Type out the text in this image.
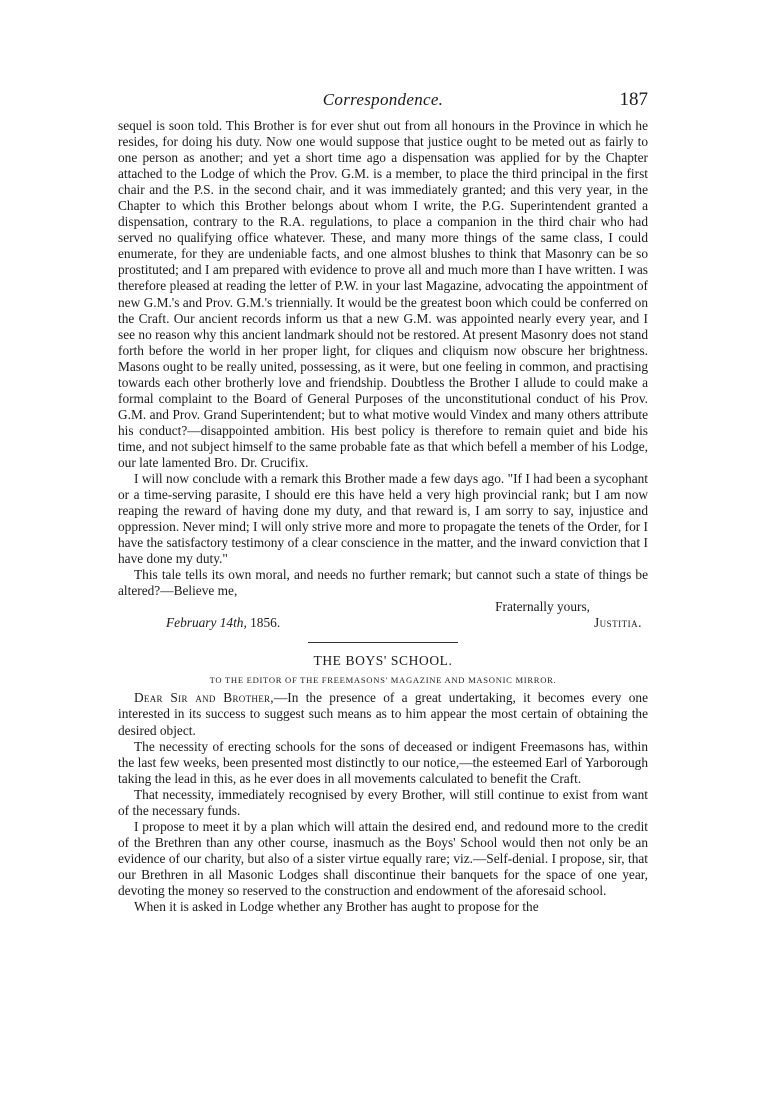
Correspondence.	187

sequel is soon told. This Brother is for ever shut out from all honours in the Province in which he resides, for doing his duty. Now one would suppose that justice ought to be meted out as fairly to one person as another; and yet a short time ago a dispensation was applied for by the Chapter attached to the Lodge of which the Prov. G.M. is a member, to place the third principal in the first chair and the P.S. in the second chair, and it was immediately granted; and this very year, in the Chapter to which this Brother belongs about whom I write, the P.G. Superintendent granted a dispensation, contrary to the R.A. regulations, to place a companion in the third chair who had served no qualifying office whatever. These, and many more things of the same class, I could enumerate, for they are undeniable facts, and one almost blushes to think that Masonry can be so prostituted; and I am prepared with evidence to prove all and much more than I have written. I was therefore pleased at reading the letter of P.W. in your last Magazine, advocating the appointment of new G.M.'s and Prov. G.M.'s triennially. It would be the greatest boon which could be conferred on the Craft. Our ancient records inform us that a new G.M. was appointed nearly every year, and I see no reason why this ancient landmark should not be restored. At present Masonry does not stand forth before the world in her proper light, for cliques and cliquism now obscure her brightness. Masons ought to be really united, possessing, as it were, but one feeling in common, and practising towards each other brotherly love and friendship. Doubtless the Brother I allude to could make a formal complaint to the Board of General Purposes of the unconstitutional conduct of his Prov. G.M. and Prov. Grand Superintendent; but to what motive would Vindex and many others attribute his conduct?—disappointed ambition. His best policy is therefore to remain quiet and bide his time, and not subject himself to the same probable fate as that which befell a member of his Lodge, our late lamented Bro. Dr. Crucifix.

I will now conclude with a remark this Brother made a few days ago. "If I had been a sycophant or a time-serving parasite, I should ere this have held a very high provincial rank; but I am now reaping the reward of having done my duty, and that reward is, I am sorry to say, injustice and oppression. Never mind; I will only strive more and more to propagate the tenets of the Order, for I have the satisfactory testimony of a clear conscience in the matter, and the inward conviction that I have done my duty."

This tale tells its own moral, and needs no further remark; but cannot such a state of things be altered?—Believe me,

Fraternally yours,
February 14th, 1856.	Justitia.
THE BOYS' SCHOOL.
TO THE EDITOR OF THE FREEMASONS' MAGAZINE AND MASONIC MIRROR.

Dear Sir and Brother,—In the presence of a great undertaking, it becomes every one interested in its success to suggest such means as to him appear the most certain of obtaining the desired object.

The necessity of erecting schools for the sons of deceased or indigent Freemasons has, within the last few weeks, been presented most distinctly to our notice,—the esteemed Earl of Yarborough taking the lead in this, as he ever does in all movements calculated to benefit the Craft.

That necessity, immediately recognised by every Brother, will still continue to exist from want of the necessary funds.

I propose to meet it by a plan which will attain the desired end, and redound more to the credit of the Brethren than any other course, inasmuch as the Boys' School would then not only be an evidence of our charity, but also of a sister virtue equally rare; viz.—Self-denial. I propose, sir, that our Brethren in all Masonic Lodges shall discontinue their banquets for the space of one year, devoting the money so reserved to the construction and endowment of the aforesaid school.

When it is asked in Lodge whether any Brother has aught to propose for the
